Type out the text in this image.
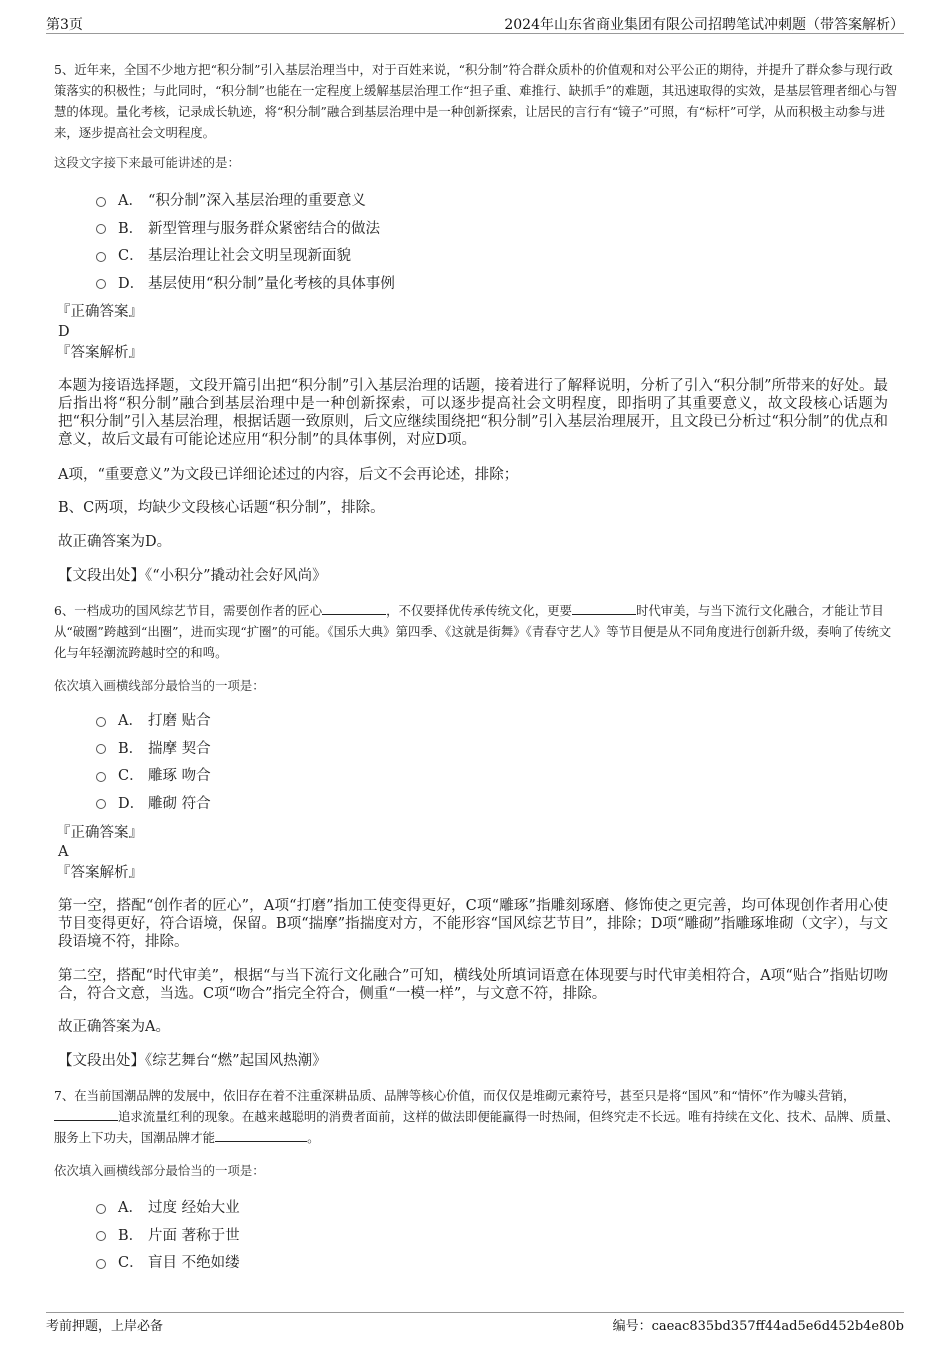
第3页	2024年山东省商业集团有限公司招聘笔试冲刺题（带答案解析）

5、近年来，全国不少地方把“积分制”引入基层治理当中，对于百姓来说，“积分制”符合群众质朴的价值观和对公平公正的期待，并提升了群众参与现行政策落实的积极性；与此同时，“积分制”也能在一定程度上缓解基层治理工作“担子重、难推行、缺抓手”的难题，其迅速取得的实效，是基层管理者细心与智慧的体现。量化考核，记录成长轨迹，将“积分制”融合到基层治理中是一种创新探索，让居民的言行有“镜子”可照，有“标杆”可学，从而积极主动参与进来，逐步提高社会文明程度。

这段文字接下来最可能讲述的是：
A． “积分制”深入基层治理的重要意义
B． 新型管理与服务群众紧密结合的做法
C． 基层治理让社会文明呈现新面貌
D． 基层使用“积分制”量化考核的具体事例
『正确答案』
D
『答案解析』

本题为接语选择题，文段开篇引出把“积分制”引入基层治理的话题，接着进行了解释说明，分析了引入“积分制”所带来的好处。最后指出将“积分制”融合到基层治理中是一种创新探索，可以逐步提高社会文明程度，即指明了其重要意义，故文段核心话题为把“积分制”引入基层治理，根据话题一致原则，后文应继续围绕把“积分制”引入基层治理展开，且文段已分析过“积分制”的优点和意义，故后文最有可能论述应用“积分制”的具体事例，对应D项。

A项，“重要意义”为文段已详细论述过的内容，后文不会再论述，排除；

B、C两项，均缺少文段核心话题“积分制”，排除。

故正确答案为D。

【文段出处】《“小积分”撬动社会好风尚》

6、一档成功的国风综艺节目，需要创作者的匠心	，不仅要择优传承传统文化，更要	时代审美，与当下流行文化融合，才能让节目从“破圈”跨越到“出圈”，进而实现“扩圈”的可能。《国乐大典》第四季、《这就是街舞》《青春守艺人》等节目便是从不同角度进行创新升级，奏响了传统文化与年轻潮流跨越时空的和鸣。

依次填入画横线部分最恰当的一项是：
A． 打磨 贴合
B． 揣摩 契合
C． 雕琢 吻合
D． 雕砌 符合
『正确答案』
A
『答案解析』

第一空，搭配“创作者的匠心”，A项“打磨”指加工使变得更好，C项“雕琢”指雕刻琢磨、修饰使之更完善，均可体现创作者用心使节目变得更好，符合语境，保留。B项“揣摩”指揣度对方，不能形容“国风综艺节目”，排除；D项“雕砌”指雕琢堆砌（文字），与文段语境不符，排除。

第二空，搭配“时代审美”，根据“与当下流行文化融合”可知，横线处所填词语意在体现要与时代审美相符合，A项“贴合”指贴切吻合，符合文意，当选。C项“吻合”指完全符合，侧重“一模一样”，与文意不符，排除。

故正确答案为A。

【文段出处】《综艺舞台“燃”起国风热潮》

7、在当前国潮品牌的发展中，依旧存在着不注重深耕品质、品牌等核心价值，而仅仅是堆砌元素符号，甚至只是将“国风”和“情怀”作为噱头营销，追求流量红利的现象。在越来越聪明的消费者面前，这样的做法即便能赢得一时热闹，但终究走不长远。唯有持续在文化、技术、品牌、质量、服务上下功夫，国潮品牌才能	。

依次填入画横线部分最恰当的一项是：
A． 过度 经始大业
B． 片面 著称于世
C． 盲目 不绝如缕
考前押题，上岸必备	编号：caeac835bd357ff44ad5e6d452b4e80b
